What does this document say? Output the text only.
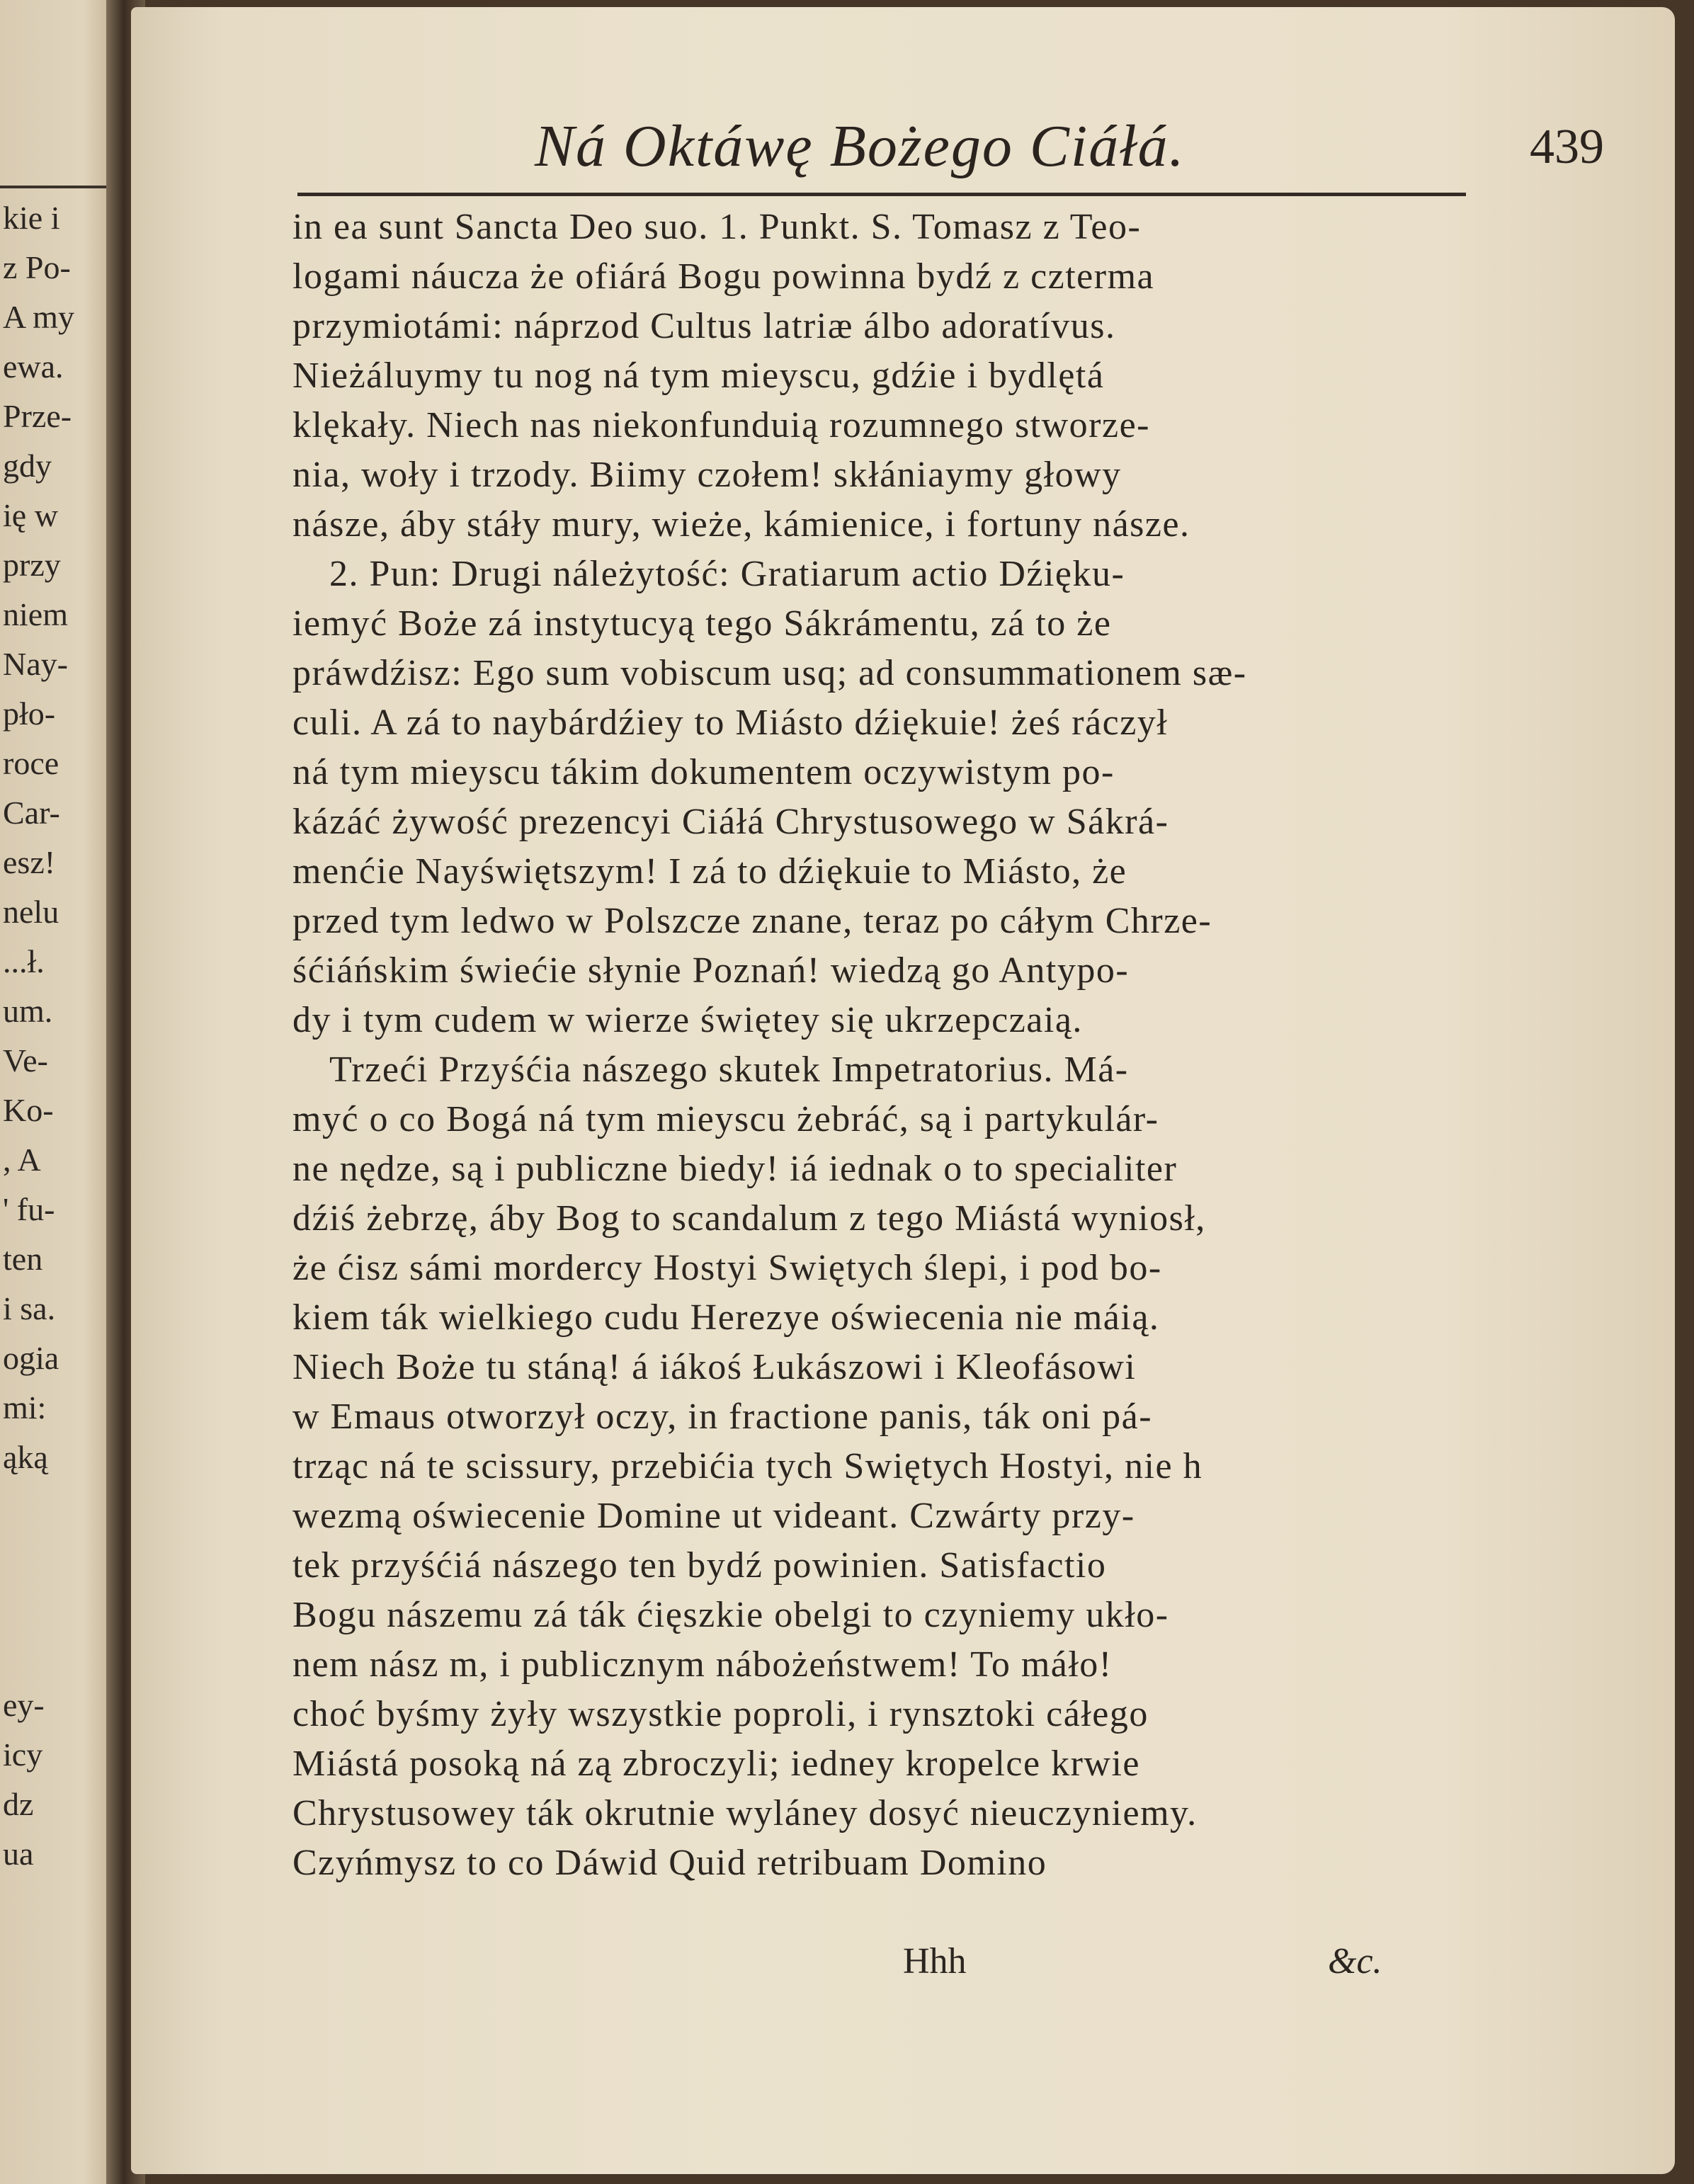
kie i
z Po-
A my
ewa.
Prze-
gdy
ię w
przy
niem
Nay-
pło-
roce
Car-
esz!
nelu
...ł.
um.
Ve-
Ko-
, A
' fu-
ten
i sa.
ogia
mi:
ąką
ey-
icy
dz
ua
Ná Oktáwę Bożego Ciáłá.	439
in ea sunt Sancta Deo suo. 1. Punkt. S. Tomasz z Teo-
logami náucza że ofiárá Bogu powinna bydź z czterma
przymiotámi: náprzod Cultus latriæ álbo adoratívus.
Nieżáluymy tu nog ná tym mieyscu, gdźie i bydlętá
klękały. Niech nas niekonfunduią rozumnego stworze-
nia, woły i trzody. Biimy czołem! skłániaymy głowy
násze, áby stáły mury, wieże, kámienice, i fortuny násze.
2. Pun: Drugi náleżytość: Gratiarum actio Dźięku-
iemyć Boże zá instytucyą tego Sákrámentu, zá to że
práwdźisz: Ego sum vobiscum usq; ad consummationem sæ-
culi. A zá to naybárdźiey to Miásto dźiękuie! żeś ráczył
ná tym mieyscu tákim dokumentem oczywistym po-
kázáć żywość prezencyi Ciáłá Chrystusowego w Sákrá-
menćie Nayświętszym! I zá to dźiękuie to Miásto, że
przed tym ledwo w Polszcze znane, teraz po cáłym Chrze-
śćiáńskim świećie słynie Poznań! wiedzą go Antypo-
dy i tym cudem w wierze świętey się ukrzepczaią.
Trzeći Przyśćia nászego skutek Impetratorius. Má-
myć o co Bogá ná tym mieyscu żebráć, są i partykulár-
ne nędze, są i publiczne biedy! iá iednak o to specialiter
dźiś żebrzę, áby Bog to scandalum z tego Miástá wyniosł,
że ćisz sámi mordercy Hostyi Swiętych ślepi, i pod bo-
kiem ták wielkiego cudu Herezye oświecenia nie máią.
Niech Boże tu stáną! á iákoś Łukászowi i Kleofásowi
w Emaus otworzył oczy, in fractione panis, ták oni pá-
trząc ná te scissury, przebićia tych Swiętych Hostyi, nie h
wezmą oświecenie Domine ut videant. Czwárty przy-
tek przyśćiá nászego ten bydź powinien. Satisfactio
Bogu nászemu zá ták ćięszkie obelgi to czyniemy ukło-
nem nász m, i publicznym nábożeństwem! To máło!
choć byśmy żyły wszystkie poproli, i rynsztoki cáłego
Miástá posoką ná zą zbroczyli; iedney kropelce krwie
Chrystusowey ták okrutnie wyláney dosyć nieuczyniemy.
Czyńmysz to co Dáwid Quid retribuam Domino
Hhh	&c.
